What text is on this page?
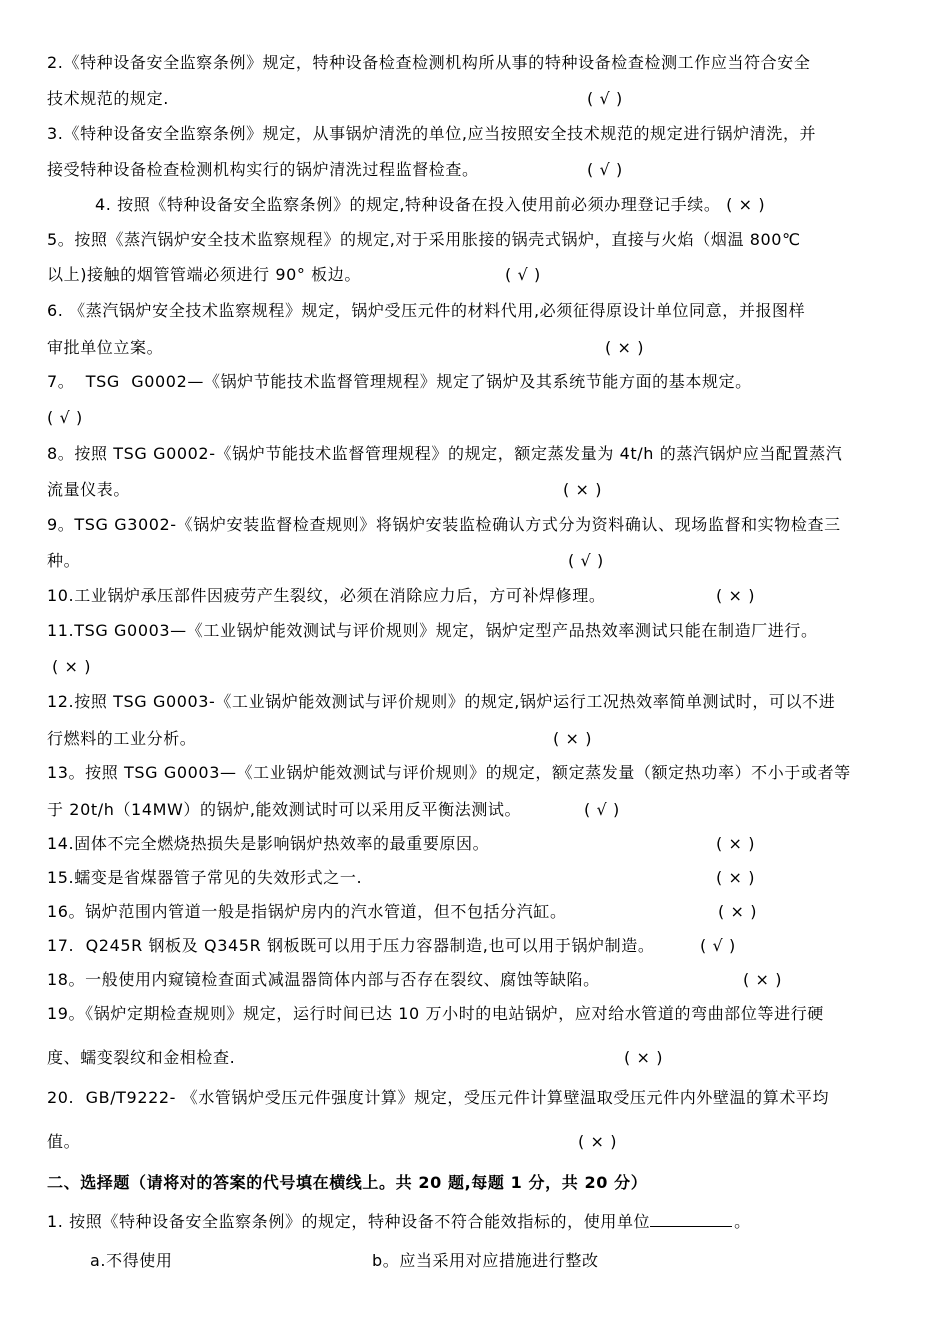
2.《特种设备安全监察条例》规定，特种设备检查检测机构所从事的特种设备检查检测工作应当符合安全
技术规范的规定.	( √ )
3.《特种设备安全监察条例》规定，从事锅炉清洗的单位,应当按照安全技术规范的规定进行锅炉清洗，并
接受特种设备检查检测机构实行的锅炉清洗过程监督检查。	( √ )
4. 按照《特种设备安全监察条例》的规定,特种设备在投入使用前必须办理登记手续。 ( × )
5。按照《蒸汽锅炉安全技术监察规程》的规定,对于采用胀接的锅壳式锅炉，直接与火焰（烟温 800℃
以上)接触的烟管管端必须进行 90° 板边。	( √ )
6. 《蒸汽锅炉安全技术监察规程》规定，锅炉受压元件的材料代用,必须征得原设计单位同意，并报图样
审批单位立案。	( × )
7。  TSG  G0002—《锅炉节能技术监督管理规程》规定了锅炉及其系统节能方面的基本规定。
( √ )
8。按照 TSG G0002-《锅炉节能技术监督管理规程》的规定，额定蒸发量为 4t/h 的蒸汽锅炉应当配置蒸汽
流量仪表。	( × )
9。TSG G3002-《锅炉安装监督检查规则》将锅炉安装监检确认方式分为资料确认、现场监督和实物检查三
种。	( √ )
10.工业锅炉承压部件因疲劳产生裂纹，必须在消除应力后，方可补焊修理。	( × )
11.TSG G0003—《工业锅炉能效测试与评价规则》规定，锅炉定型产品热效率测试只能在制造厂进行。
( × )
12.按照 TSG G0003-《工业锅炉能效测试与评价规则》的规定,锅炉运行工况热效率简单测试时，可以不进
行燃料的工业分析。	( × )
13。按照 TSG G0003—《工业锅炉能效测试与评价规则》的规定，额定蒸发量（额定热功率）不小于或者等
于 20t/h（14MW）的锅炉,能效测试时可以采用反平衡法测试。	( √ )
14.固体不完全燃烧热损失是影响锅炉热效率的最重要原因。	( × )
15.蠕变是省煤器管子常见的失效形式之一.	( × )
16。锅炉范围内管道一般是指锅炉房内的汽水管道，但不包括分汽缸。	( × )
17.  Q245R 钢板及 Q345R 钢板既可以用于压力容器制造,也可以用于锅炉制造。	( √ )
18。一般使用内窥镜检查面式减温器筒体内部与否存在裂纹、腐蚀等缺陷。	( × )
19。《锅炉定期检查规则》规定，运行时间已达 10 万小时的电站锅炉，应对给水管道的弯曲部位等进行硬
度、蠕变裂纹和金相检查.	( × )
20.  GB/T9222- 《水管锅炉受压元件强度计算》规定，受压元件计算壁温取受压元件内外壁温的算术平均
值。	( × )
二、选择题（请将对的答案的代号填在横线上。共 20 题,每题 1 分，共 20 分）
1. 按照《特种设备安全监察条例》的规定，特种设备不符合能效指标的，使用单位	。
a.不得使用	b。应当采用对应措施进行整改
